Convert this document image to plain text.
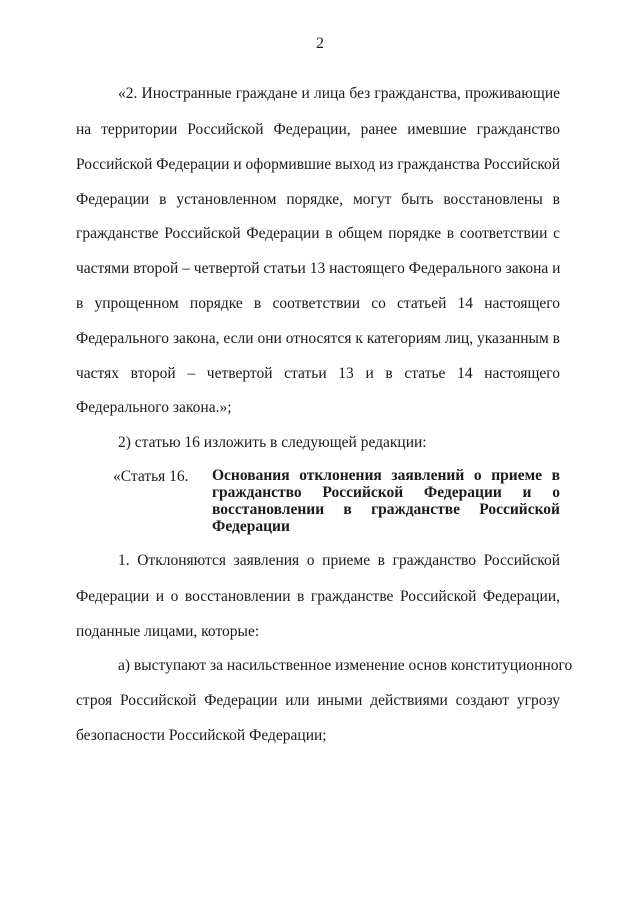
2
«2. Иностранные граждане и лица без гражданства, проживающие
на территории Российской Федерации, ранее имевшие гражданство
Российской Федерации и оформившие выход из гражданства Российской
Федерации в установленном порядке, могут быть восстановлены в
гражданстве Российской Федерации в общем порядке в соответствии с
частями второй – четвертой статьи 13 настоящего Федерального закона и
в упрощенном порядке в соответствии со статьей 14 настоящего
Федерального закона, если они относятся к категориям лиц, указанным в
частях второй – четвертой статьи 13 и в статье 14 настоящего
Федерального закона.»;
2) статью 16 изложить в следующей редакции:
«Статья 16.	Основания отклонения заявлений о приеме в
гражданство Российской Федерации и о
восстановлении в гражданстве Российской
Федерации
1. Отклоняются заявления о приеме в гражданство Российской
Федерации и о восстановлении в гражданстве Российской Федерации,
поданные лицами, которые:
а) выступают за насильственное изменение основ конституционного
строя Российской Федерации или иными действиями создают угрозу
безопасности Российской Федерации;
